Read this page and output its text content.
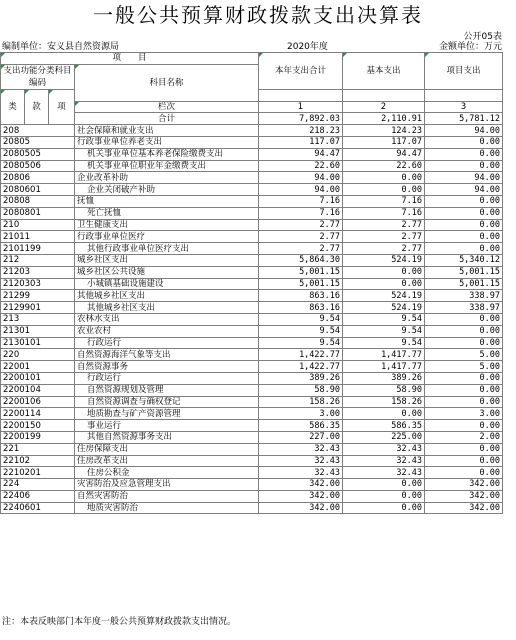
一般公共预算财政拨款支出决算表
公开05表
编制单位：安义县自然资源局	2020年度	金额单位：万元
项　　目				本年支出合计	基本支出	项目支出
支出功能分类科目编码			科目名称			
类	款	项				
			栏次	1	2	3
			合计	7,892.03	2,110.91	5,781.12
208			社会保障和就业支出	218.23	124.23	94.00
20805			行政事业单位养老支出	117.07	117.07	0.00
2080505			机关事业单位基本养老保险缴费支出	94.47	94.47	0.00
2080506			机关事业单位职业年金缴费支出	22.60	22.60	0.00
20806			企业改革补助	94.00	0.00	94.00
2080601			企业关闭破产补助	94.00	0.00	94.00
20808			抚恤	7.16	7.16	0.00
2080801			死亡抚恤	7.16	7.16	0.00
210			卫生健康支出	2.77	2.77	0.00
21011			行政事业单位医疗	2.77	2.77	0.00
2101199			其他行政事业单位医疗支出	2.77	2.77	0.00
212			城乡社区支出	5,864.30	524.19	5,340.12
21203			城乡社区公共设施	5,001.15	0.00	5,001.15
2120303			小城镇基础设施建设	5,001.15	0.00	5,001.15
21299			其他城乡社区支出	863.16	524.19	338.97
2129901			其他城乡社区支出	863.16	524.19	338.97
213			农林水支出	9.54	9.54	0.00
21301			农业农村	9.54	9.54	0.00
2130101			行政运行	9.54	9.54	0.00
220			自然资源海洋气象等支出	1,422.77	1,417.77	5.00
22001			自然资源事务	1,422.77	1,417.77	5.00
2200101			行政运行	389.26	389.26	0.00
2200104			自然资源规划及管理	58.90	58.90	0.00
2200106			自然资源调查与确权登记	158.26	158.26	0.00
2200114			地质勘查与矿产资源管理	3.00	0.00	3.00
2200150			事业运行	586.35	586.35	0.00
2200199			其他自然资源事务支出	227.00	225.00	2.00
221			住房保障支出	32.43	32.43	0.00
22102			住房改革支出	32.43	32.43	0.00
2210201			住房公积金	32.43	32.43	0.00
224			灾害防治及应急管理支出	342.00	0.00	342.00
22406			自然灾害防治	342.00	0.00	342.00
2240601			地质灾害防治	342.00	0.00	342.00
注：本表反映部门本年度一般公共预算财政拨款支出情况。
